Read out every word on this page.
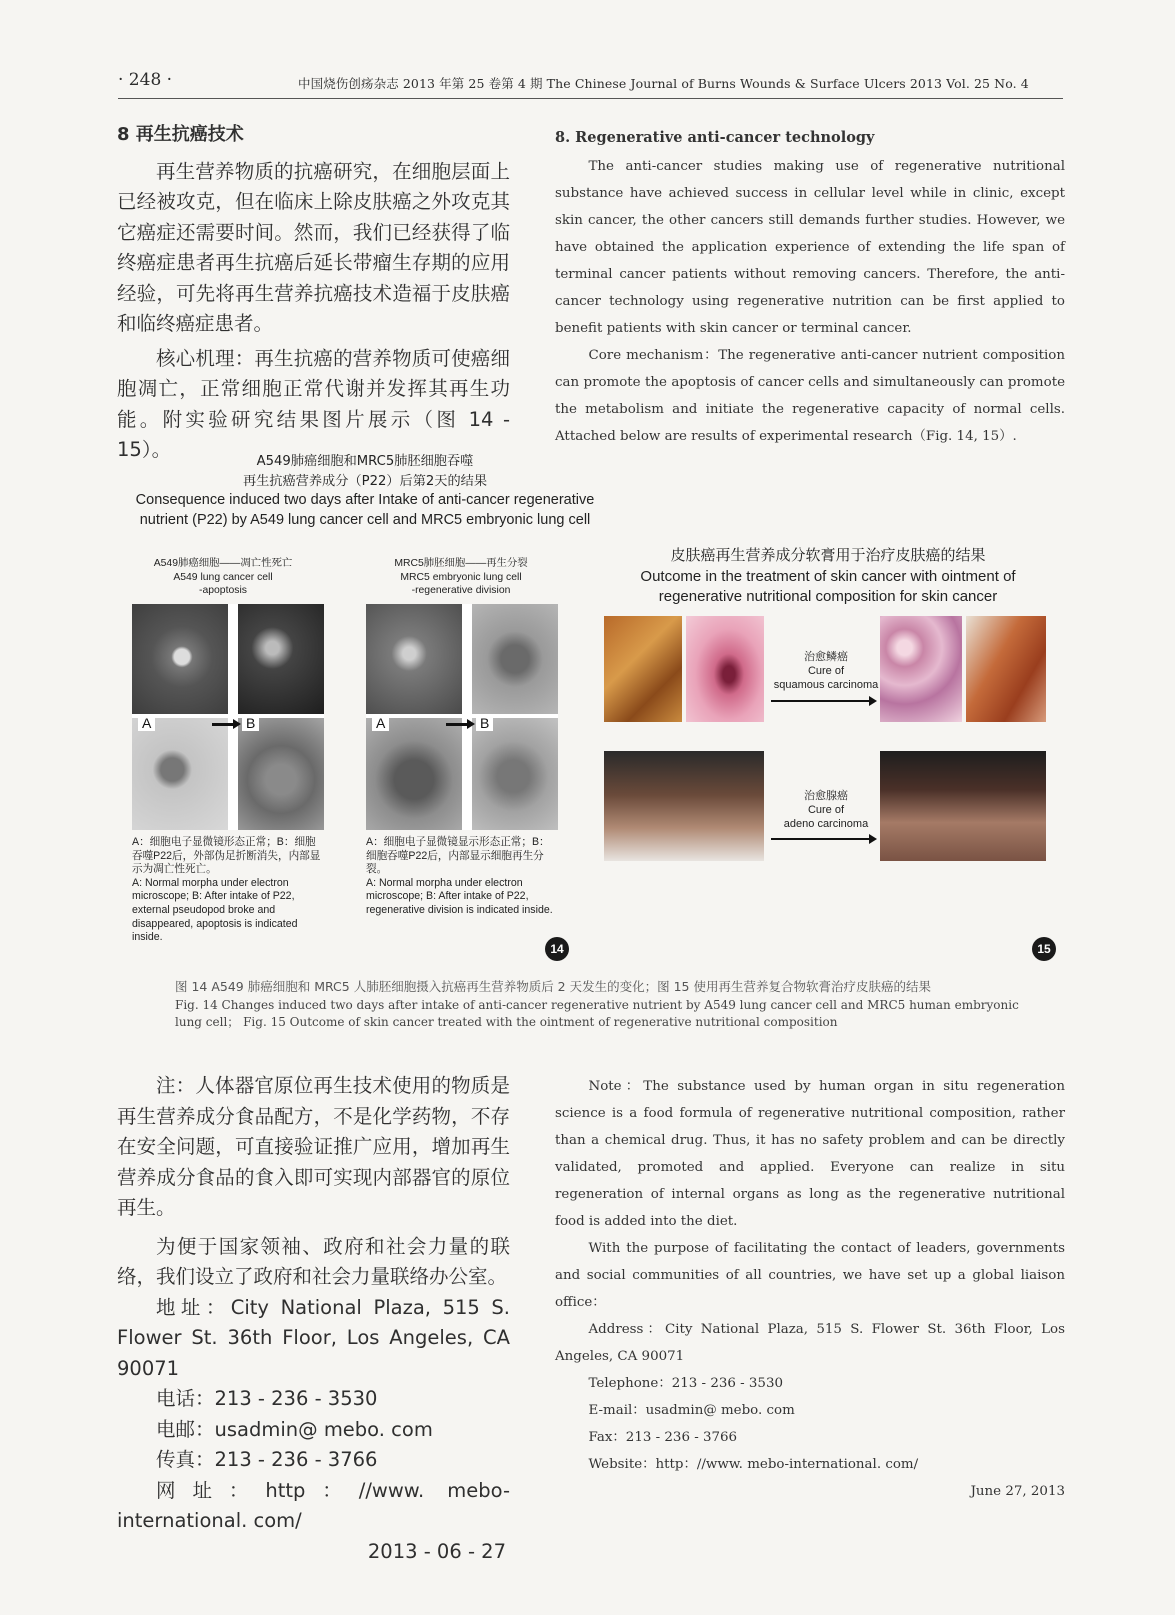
· 248 ·	中国烧伤创疡杂志 2013 年第 25 卷第 4 期 The Chinese Journal of Burns Wounds & Surface Ulcers 2013 Vol. 25 No. 4
8 再生抗癌技术

再生营养物质的抗癌研究，在细胞层面上已经被攻克，但在临床上除皮肤癌之外攻克其它癌症还需要时间。然而，我们已经获得了临终癌症患者再生抗癌后延长带瘤生存期的应用经验，可先将再生营养抗癌技术造福于皮肤癌和临终癌症患者。

核心机理：再生抗癌的营养物质可使癌细胞凋亡，正常细胞正常代谢并发挥其再生功能。附实验研究结果图片展示（图 14 - 15）。

8. Regenerative anti-cancer technology

The anti-cancer studies making use of regenerative nutritional substance have achieved success in cellular level while in clinic, except skin cancer, the other cancers still demands further studies. However, we have obtained the application experience of extending the life span of terminal cancer patients without removing cancers. Therefore, the anti-cancer technology using regenerative nutrition can be first applied to benefit patients with skin cancer or terminal cancer.

Core mechanism：The regenerative anti-cancer nutrient composition can promote the apoptosis of cancer cells and simultaneously can promote the metabolism and initiate the regenerative capacity of normal cells. Attached below are results of experimental research（Fig. 14, 15）.

A549肺癌细胞和MRC5肺胚细胞吞噬
再生抗癌营养成分（P22）后第2天的结果
Consequence induced two days after Intake of anti-cancer regenerative nutrient (P22) by A549 lung cancer cell and MRC5 embryonic lung cell
A549肺癌细胞——凋亡性死亡
A549 lung cancer cell
-apoptosis
MRC5肺胚细胞——再生分裂
MRC5 embryonic lung cell
-regenerative division
A	B	A	B
A：细胞电子显微镜形态正常；B：细胞吞噬P22后，外部伪足折断消失，内部显示为凋亡性死亡。
A: Normal morpha under electron microscope; B: After intake of P22, external pseudopod broke and disappeared, apoptosis is indicated inside.
A：细胞电子显微镜显示形态正常；B：细胞吞噬P22后，内部显示细胞再生分裂。
A: Normal morpha under electron microscope; B: After intake of P22, regenerative division is indicated inside.
14
皮肤癌再生营养成分软膏用于治疗皮肤癌的结果
Outcome in the treatment of skin cancer with ointment of regenerative nutritional composition for skin cancer
治愈鳞癌
Cure of
squamous carcinoma
治愈腺癌
Cure of
adeno carcinoma
15

图 14 A549 肺癌细胞和 MRC5 人肺胚细胞摄入抗癌再生营养物质后 2 天发生的变化；图 15 使用再生营养复合物软膏治疗皮肤癌的结果

Fig. 14 Changes induced two days after intake of anti-cancer regenerative nutrient by A549 lung cancer cell and MRC5 human embryonic lung cell； Fig. 15 Outcome of skin cancer treated with the ointment of regenerative nutritional composition

注：人体器官原位再生技术使用的物质是再生营养成分食品配方，不是化学药物，不存在安全问题，可直接验证推广应用，增加再生营养成分食品的食入即可实现内部器官的原位再生。

为便于国家领袖、政府和社会力量的联络，我们设立了政府和社会力量联络办公室。

地址：City National Plaza, 515 S. Flower St. 36th Floor, Los Angeles, CA 90071

电话：213 - 236 - 3530

电邮：usadmin@ mebo. com

传真：213 - 236 - 3766

网址：http：//www. mebo-international. com/

2013 - 06 - 27

Note：The substance used by human organ in situ regeneration science is a food formula of regenerative nutritional composition, rather than a chemical drug. Thus, it has no safety problem and can be directly validated, promoted and applied. Everyone can realize in situ regeneration of internal organs as long as the regenerative nutritional food is added into the diet.

With the purpose of facilitating the contact of leaders, governments and social communities of all countries, we have set up a global liaison office：

Address：City National Plaza, 515 S. Flower St. 36th Floor, Los Angeles, CA 90071

Telephone：213 - 236 - 3530

E-mail：usadmin@ mebo. com

Fax：213 - 236 - 3766

Website：http：//www. mebo-international. com/

June 27, 2013
